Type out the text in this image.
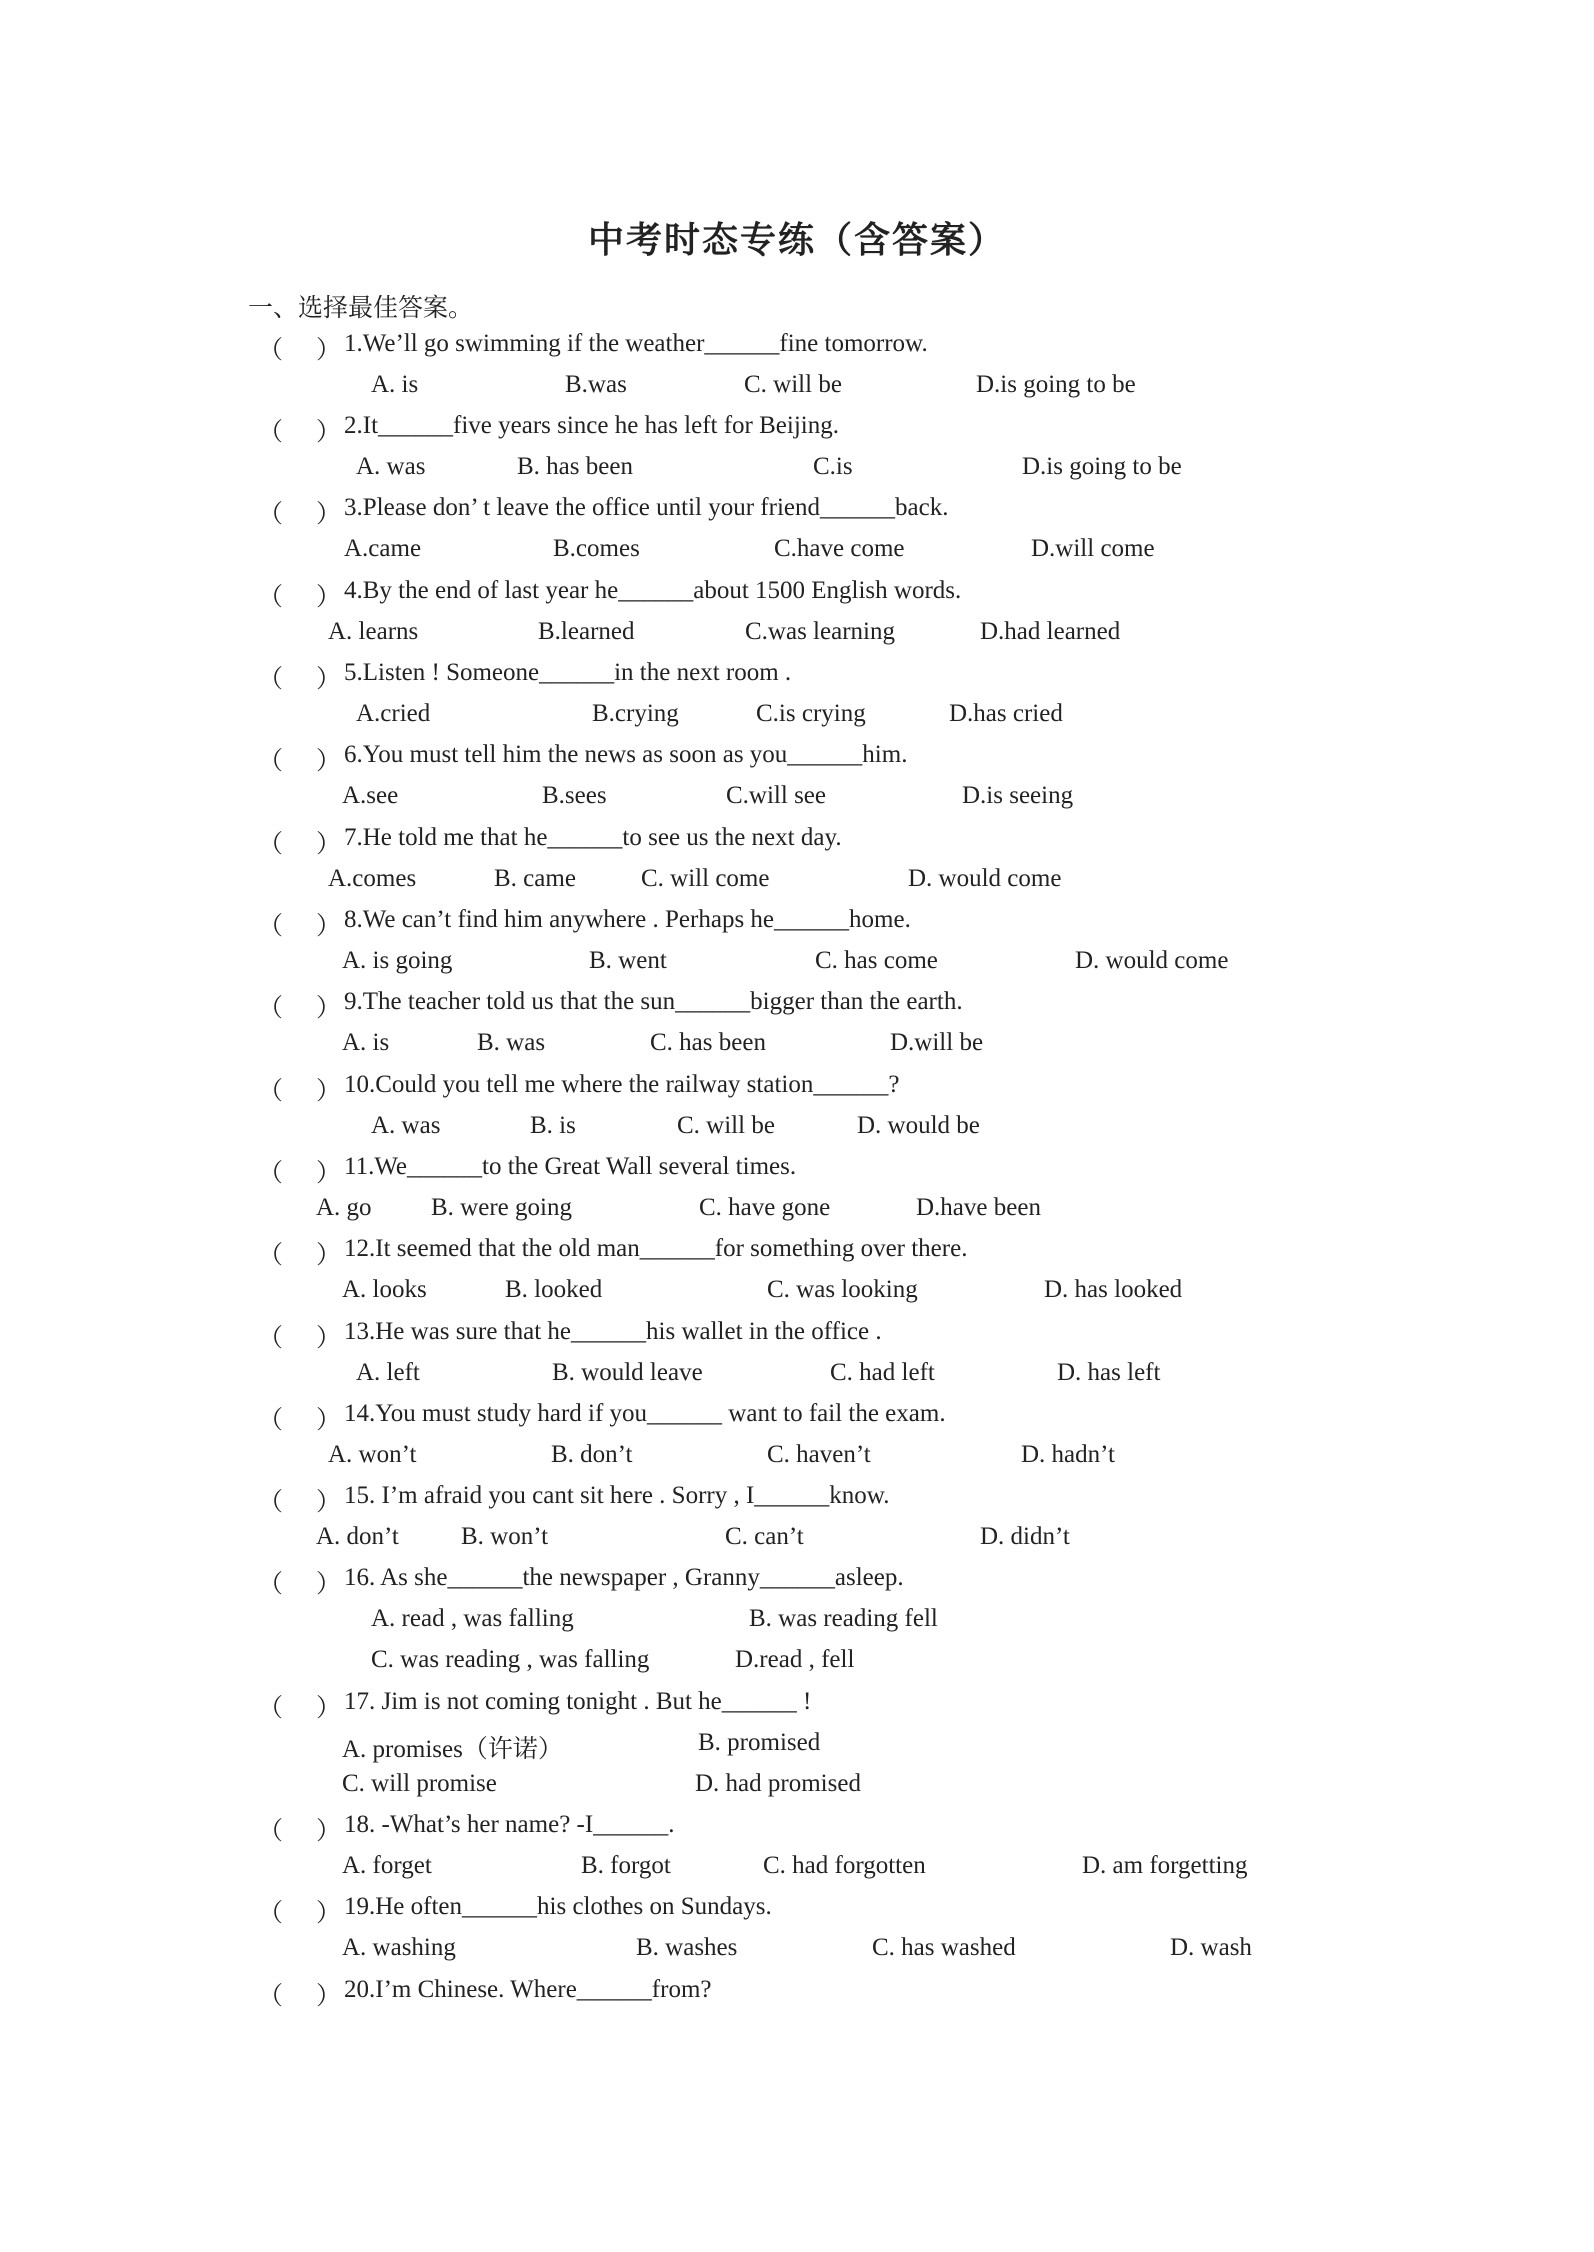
中考时态专练（含答案）
一、选择最佳答案。
（ ） 1.We’ll go swimming if the weather______fine tomorrow.
A. is	B.was	C. will be	D.is going to be
（ ） 2.It______five years since he has left for Beijing.
A. was	B. has been	C.is	D.is going to be
（ ） 3.Please don’ t leave the office until your friend______back.
A.came	B.comes	C.have come	D.will come
（ ） 4.By the end of last year he______about 1500 English words.
A. learns	B.learned	C.was learning	D.had learned
（ ） 5.Listen ! Someone______in the next room .
A.cried	B.crying	C.is crying	D.has cried
（ ） 6.You must tell him the news as soon as you______him.
A.see	B.sees	C.will see	D.is seeing
（ ） 7.He told me that he______to see us the next day.
A.comes	B. came	C. will come	D. would come
（ ） 8.We can’t find him anywhere . Perhaps he______home.
A. is going	B. went	C. has come	D. would come
（ ） 9.The teacher told us that the sun______bigger than the earth.
A. is	B. was	C. has been	D.will be
（ ） 10.Could you tell me where the railway station______?
A. was	B. is	C. will be	D. would be
（ ） 11.We______to the Great Wall several times.
A. go B. were going	C. have gone	D.have been
（ ） 12.It seemed that the old man______for something over there.
A. looks	B. looked	C. was looking	D. has looked
（ ） 13.He was sure that he______his wallet in the office .
A. left	B. would leave	C. had left	D. has left
（ ） 14.You must study hard if you______ want to fail the exam.
A. won’t	B. don’t	C. haven’t	D. hadn’t
（ ） 15. I’m afraid you cant sit here . Sorry , I______know.
A. don’t B. won’t	C. can’t	D. didn’t
（ ） 16. As she______the newspaper , Granny______asleep.
A. read , was falling	B. was reading fell
C. was reading , was falling	D.read , fell
（ ） 17. Jim is not coming tonight . But he______ !
A. promises（许诺）	B. promised
C. will promise	D. had promised
（ ） 18. -What’s her name? -I______.
A. forget	B. forgot	C. had forgotten	D. am forgetting
（ ） 19.He often______his clothes on Sundays.
A. washing	B. washes	C. has washed	D. wash
（ ） 20.I’m Chinese. Where______from?
